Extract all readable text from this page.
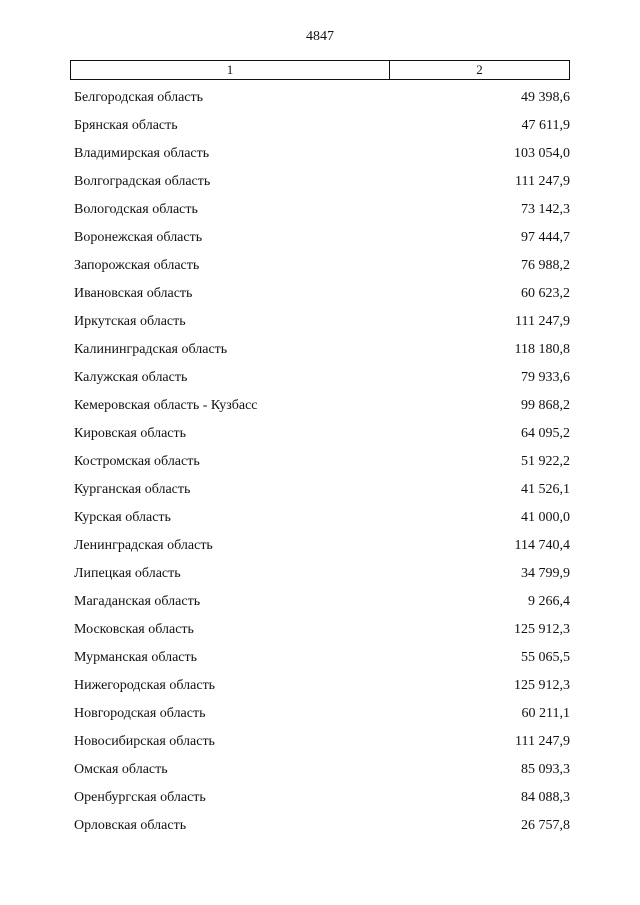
4847
1	2
Белгородская область	49 398,6
Брянская область	47 611,9
Владимирская область	103 054,0
Волгоградская область	111 247,9
Вологодская область	73 142,3
Воронежская область	97 444,7
Запорожская область	76 988,2
Ивановская область	60 623,2
Иркутская область	111 247,9
Калининградская область	118 180,8
Калужская область	79 933,6
Кемеровская область - Кузбасс	99 868,2
Кировская область	64 095,2
Костромская область	51 922,2
Курганская область	41 526,1
Курская область	41 000,0
Ленинградская область	114 740,4
Липецкая область	34 799,9
Магаданская область	9 266,4
Московская область	125 912,3
Мурманская область	55 065,5
Нижегородская область	125 912,3
Новгородская область	60 211,1
Новосибирская область	111 247,9
Омская область	85 093,3
Оренбургская область	84 088,3
Орловская область	26 757,8
